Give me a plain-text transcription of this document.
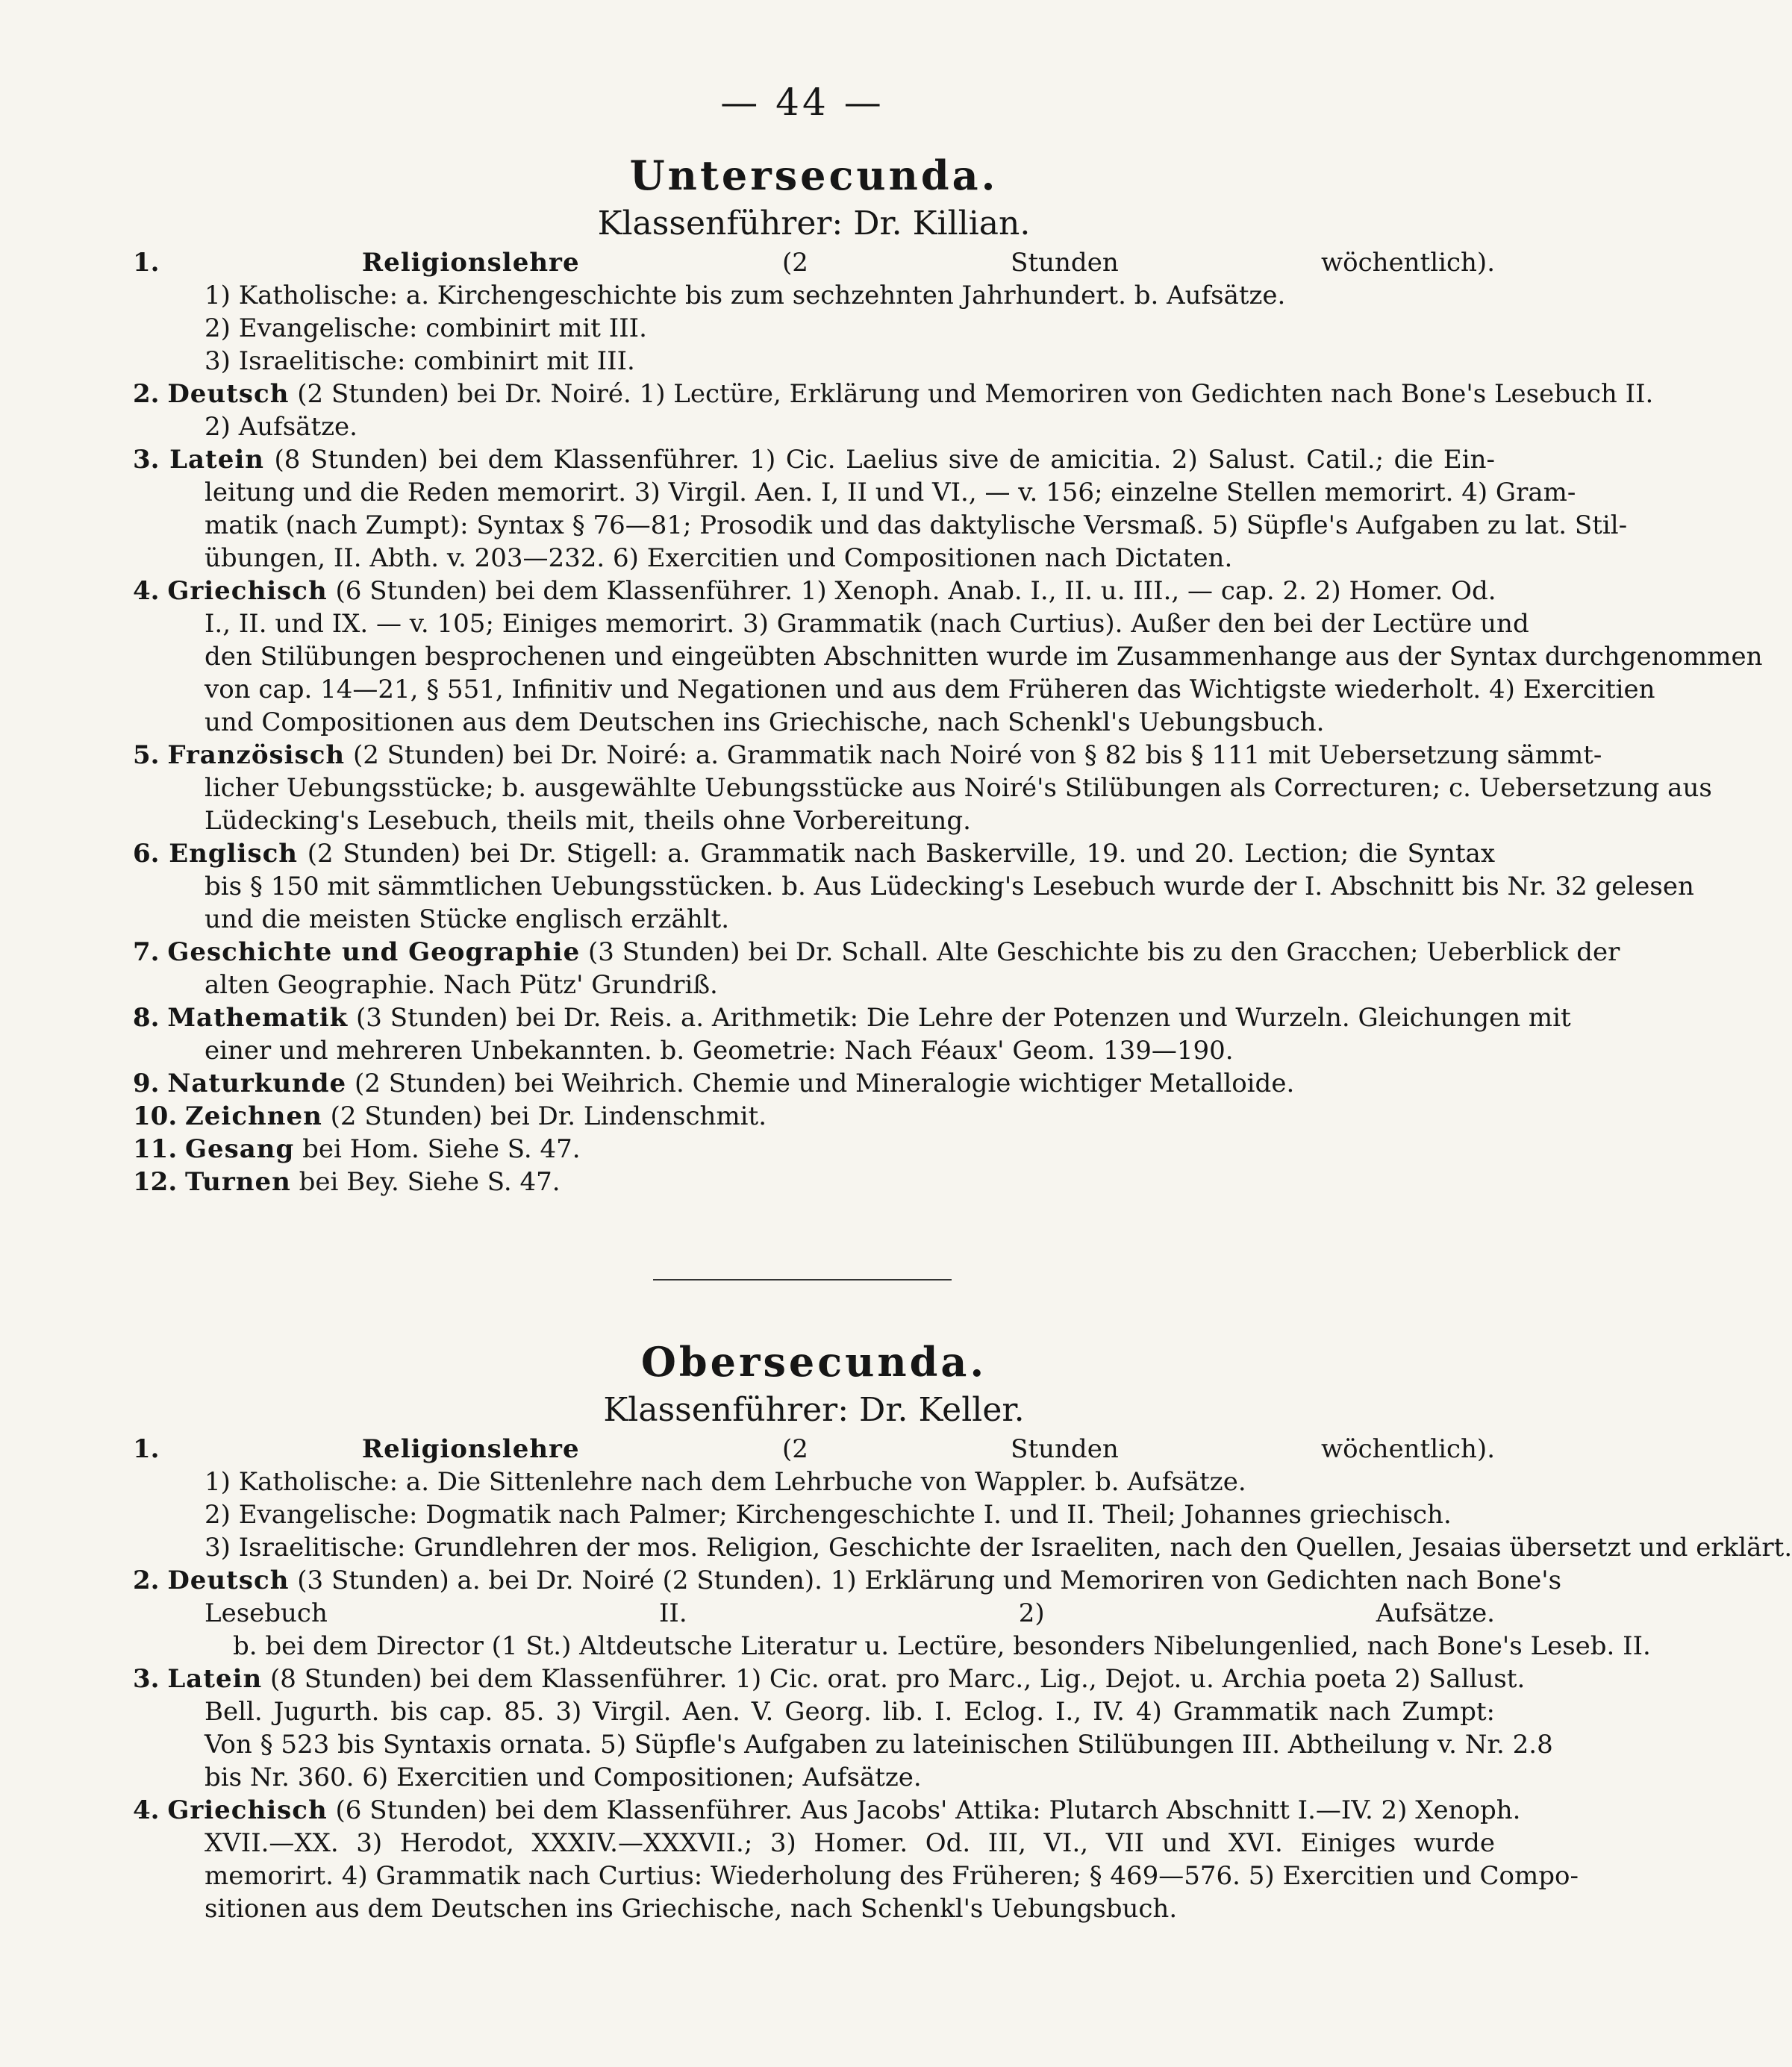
— 44 —
Untersecunda.
Klassenführer: Dr. Killian.
1.	Religionslehre	(2 Stunden wöchentlich).
1) Katholische: a. Kirchengeschichte bis zum sechzehnten Jahrhundert. b. Aufsätze.
2) Evangelische: combinirt mit III.
3) Israelitische: combinirt mit III.
2. Deutsch (2 Stunden) bei Dr. Noiré. 1) Lectüre, Erklärung und Memoriren von Gedichten nach Bone's Lesebuch II.
2) Aufsätze.
3. Latein (8 Stunden) bei dem Klassenführer. 1) Cic. Laelius sive de amicitia. 2) Salust. Catil.; die Ein-
leitung und die Reden memorirt. 3) Virgil. Aen. I, II und VI., — v. 156; einzelne Stellen memorirt. 4) Gram-
matik (nach Zumpt): Syntax § 76—81; Prosodik und das daktylische Versmaß. 5) Süpfle's Aufgaben zu lat. Stil-
übungen, II. Abth. v. 203—232. 6) Exercitien und Compositionen nach Dictaten.
4. Griechisch (6 Stunden) bei dem Klassenführer. 1) Xenoph. Anab. I., II. u. III., — cap. 2. 2) Homer. Od.
I., II. und IX. — v. 105; Einiges memorirt. 3) Grammatik (nach Curtius). Außer den bei der Lectüre und
den Stilübungen besprochenen und eingeübten Abschnitten wurde im Zusammenhange aus der Syntax durchgenommen
von cap. 14—21, § 551, Infinitiv und Negationen und aus dem Früheren das Wichtigste wiederholt. 4) Exercitien
und Compositionen aus dem Deutschen ins Griechische, nach Schenkl's Uebungsbuch.
5. Französisch (2 Stunden) bei Dr. Noiré: a. Grammatik nach Noiré von § 82 bis § 111 mit Uebersetzung sämmt-
licher Uebungsstücke; b. ausgewählte Uebungsstücke aus Noiré's Stilübungen als Correcturen; c. Uebersetzung aus
Lüdecking's Lesebuch, theils mit, theils ohne Vorbereitung.
6. Englisch (2 Stunden) bei Dr. Stigell: a. Grammatik nach Baskerville, 19. und 20. Lection; die Syntax
bis § 150 mit sämmtlichen Uebungsstücken. b. Aus Lüdecking's Lesebuch wurde der I. Abschnitt bis Nr. 32 gelesen
und die meisten Stücke englisch erzählt.
7. Geschichte und Geographie (3 Stunden) bei Dr. Schall. Alte Geschichte bis zu den Gracchen; Ueberblick der
alten Geographie. Nach Pütz' Grundriß.
8. Mathematik (3 Stunden) bei Dr. Reis. a. Arithmetik: Die Lehre der Potenzen und Wurzeln. Gleichungen mit
einer und mehreren Unbekannten. b. Geometrie: Nach Féaux' Geom. 139—190.
9. Naturkunde (2 Stunden) bei Weihrich. Chemie und Mineralogie wichtiger Metalloide.
10. Zeichnen (2 Stunden) bei Dr. Lindenschmit.
11. Gesang bei Hom. Siehe S. 47.
12. Turnen bei Bey. Siehe S. 47.
Obersecunda.
Klassenführer: Dr. Keller.
1.	Religionslehre	(2 Stunden wöchentlich).
1) Katholische: a. Die Sittenlehre nach dem Lehrbuche von Wappler. b. Aufsätze.
2) Evangelische: Dogmatik nach Palmer; Kirchengeschichte I. und II. Theil; Johannes griechisch.
3) Israelitische: Grundlehren der mos. Religion, Geschichte der Israeliten, nach den Quellen, Jesaias übersetzt und erklärt.
2. Deutsch (3 Stunden) a. bei Dr. Noiré (2 Stunden). 1) Erklärung und Memoriren von Gedichten nach Bone's
Lesebuch II. 2) Aufsätze.
b. bei dem Director (1 St.) Altdeutsche Literatur u. Lectüre, besonders Nibelungenlied, nach Bone's Leseb. II.
3. Latein (8 Stunden) bei dem Klassenführer. 1) Cic. orat. pro Marc., Lig., Dejot. u. Archia poeta 2) Sallust.
Bell. Jugurth. bis cap. 85. 3) Virgil. Aen. V. Georg. lib. I. Eclog. I., IV. 4) Grammatik nach Zumpt:
Von § 523 bis Syntaxis ornata. 5) Süpfle's Aufgaben zu lateinischen Stilübungen III. Abtheilung v. Nr. 2.8
bis Nr. 360. 6) Exercitien und Compositionen; Aufsätze.
4. Griechisch (6 Stunden) bei dem Klassenführer. Aus Jacobs' Attika: Plutarch Abschnitt I.—IV. 2) Xenoph.
XVII.—XX. 3) Herodot, XXXIV.—XXXVII.; 3) Homer. Od. III, VI., VII und XVI. Einiges wurde
memorirt. 4) Grammatik nach Curtius: Wiederholung des Früheren; § 469—576. 5) Exercitien und Compo-
sitionen aus dem Deutschen ins Griechische, nach Schenkl's Uebungsbuch.
